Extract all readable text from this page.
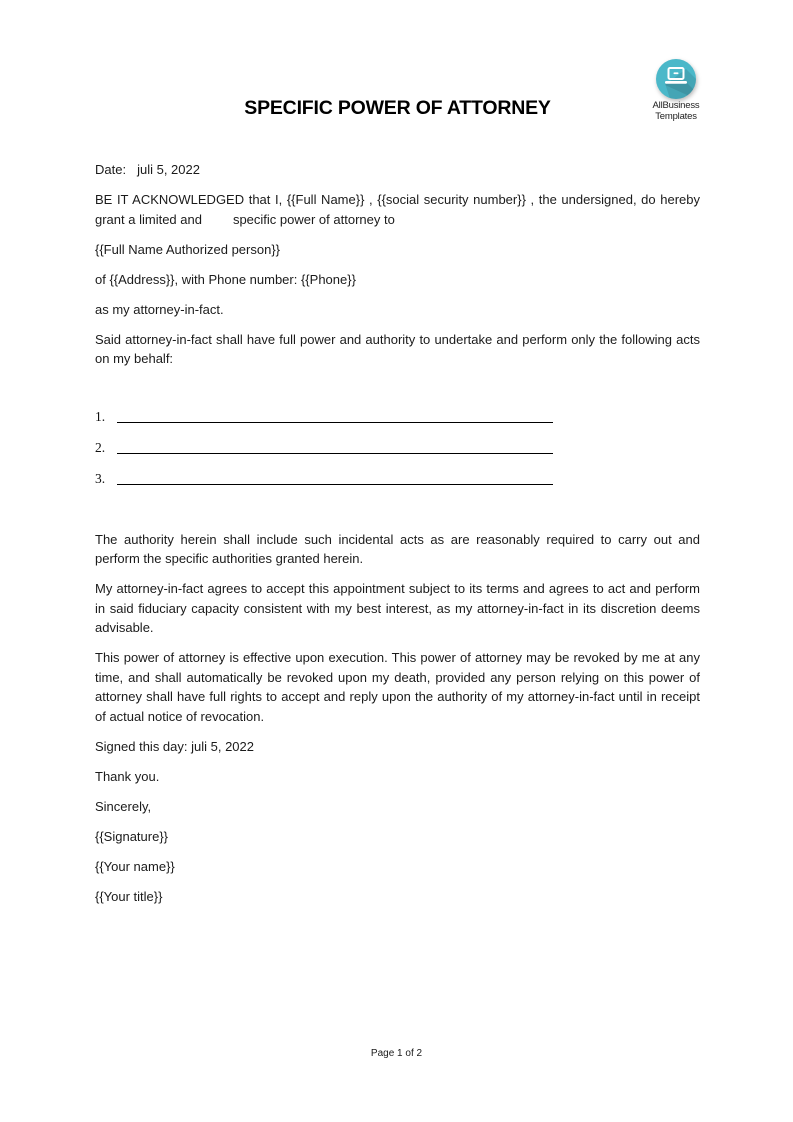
AllBusiness
Templates
SPECIFIC POWER OF ATTORNEY

Date: juli 5, 2022

BE IT ACKNOWLEDGED that I, {{Full Name}} , {{social security number}} , the undersigned, do hereby
grant a limited and specific power of attorney to

{{Full Name Authorized person}}

of {{Address}}, with Phone number: {{Phone}}

as my attorney-in-fact.

Said attorney-in-fact shall have full power and authority to undertake and perform only the following acts on my behalf:

1.
2.
3.

The authority herein shall include such incidental acts as are reasonably required to carry out and perform the specific authorities granted herein.

My attorney-in-fact agrees to accept this appointment subject to its terms and agrees to act and perform in said fiduciary capacity consistent with my best interest, as my attorney-in-fact in its discretion deems advisable.

This power of attorney is effective upon execution. This power of attorney may be revoked by me at any time, and shall automatically be revoked upon my death, provided any person relying on this power of attorney shall have full rights to accept and reply upon the authority of my attorney-in-fact until in receipt of actual notice of revocation.

Signed this day: juli 5, 2022

Thank you.

Sincerely,

{{Signature}}

{{Your name}}

{{Your title}}

Page 1 of 2
